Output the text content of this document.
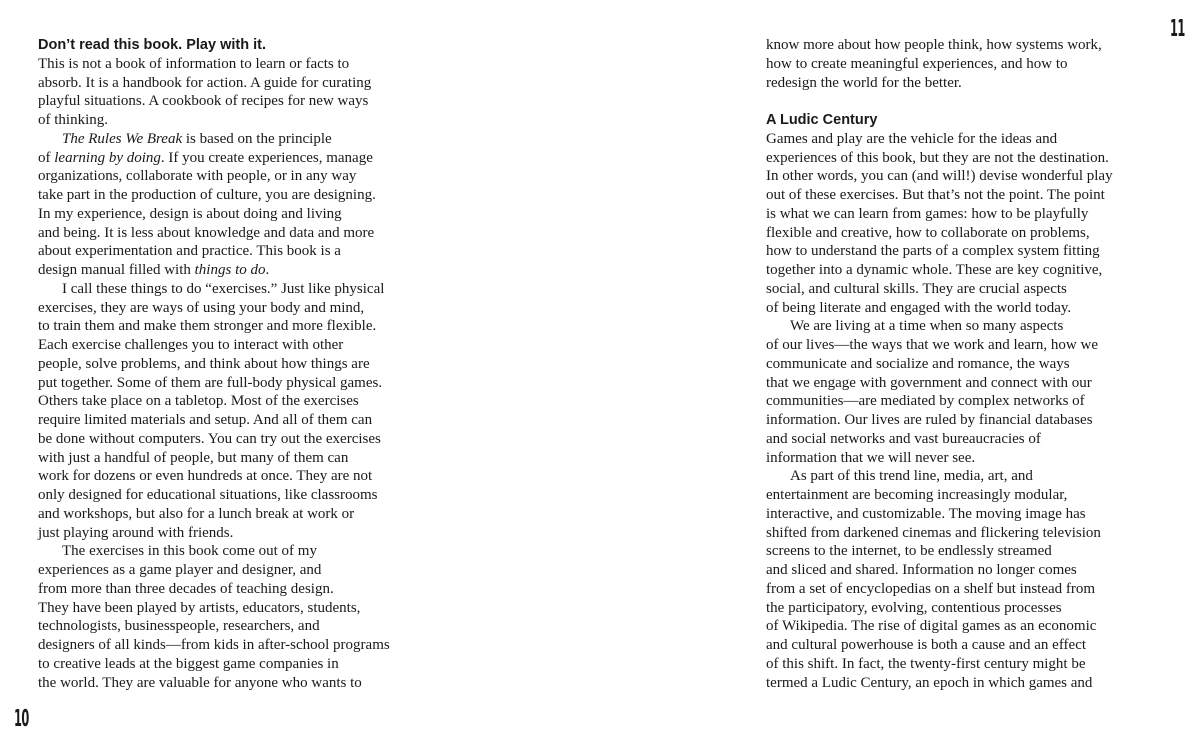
Don’t read this book. Play with it.
This is not a book of information to learn or facts to
absorb. It is a handbook for action. A guide for curating
playful situations. A cookbook of recipes for new ways
of thinking.
The Rules We Break is based on the principle
of learning by doing. If you create experiences, manage
organizations, collaborate with people, or in any way
take part in the production of culture, you are designing.
In my experience, design is about doing and living
and being. It is less about knowledge and data and more
about experimentation and practice. This book is a
design manual filled with things to do.
I call these things to do “exercises.” Just like physical
exercises, they are ways of using your body and mind,
to train them and make them stronger and more flexible.
Each exercise challenges you to interact with other
people, solve problems, and think about how things are
put together. Some of them are full-body physical games.
Others take place on a tabletop. Most of the exercises
require limited materials and setup. And all of them can
be done without computers. You can try out the exercises
with just a handful of people, but many of them can
work for dozens or even hundreds at once. They are not
only designed for educational situations, like classrooms
and workshops, but also for a lunch break at work or
just playing around with friends.
The exercises in this book come out of my
experiences as a game player and designer, and
from more than three decades of teaching design.
They have been played by artists, educators, students,
technologists, businesspeople, researchers, and
designers of all kinds—from kids in after-school programs
to creative leads at the biggest game companies in
the world. They are valuable for anyone who wants to
know more about how people think, how systems work,
how to create meaningful experiences, and how to
redesign the world for the better.
A Ludic Century
Games and play are the vehicle for the ideas and
experiences of this book, but they are not the destination.
In other words, you can (and will!) devise wonderful play
out of these exercises. But that’s not the point. The point
is what we can learn from games: how to be playfully
flexible and creative, how to collaborate on problems,
how to understand the parts of a complex system fitting
together into a dynamic whole. These are key cognitive,
social, and cultural skills. They are crucial aspects
of being literate and engaged with the world today.
We are living at a time when so many aspects
of our lives—the ways that we work and learn, how we
communicate and socialize and romance, the ways
that we engage with government and connect with our
communities—are mediated by complex networks of
information. Our lives are ruled by financial databases
and social networks and vast bureaucracies of
information that we will never see.
As part of this trend line, media, art, and
entertainment are becoming increasingly modular,
interactive, and customizable. The moving image has
shifted from darkened cinemas and flickering television
screens to the internet, to be endlessly streamed
and sliced and shared. Information no longer comes
from a set of encyclopedias on a shelf but instead from
the participatory, evolving, contentious processes
of Wikipedia. The rise of digital games as an economic
and cultural powerhouse is both a cause and an effect
of this shift. In fact, the twenty-first century might be
termed a Ludic Century, an epoch in which games and
10
11
